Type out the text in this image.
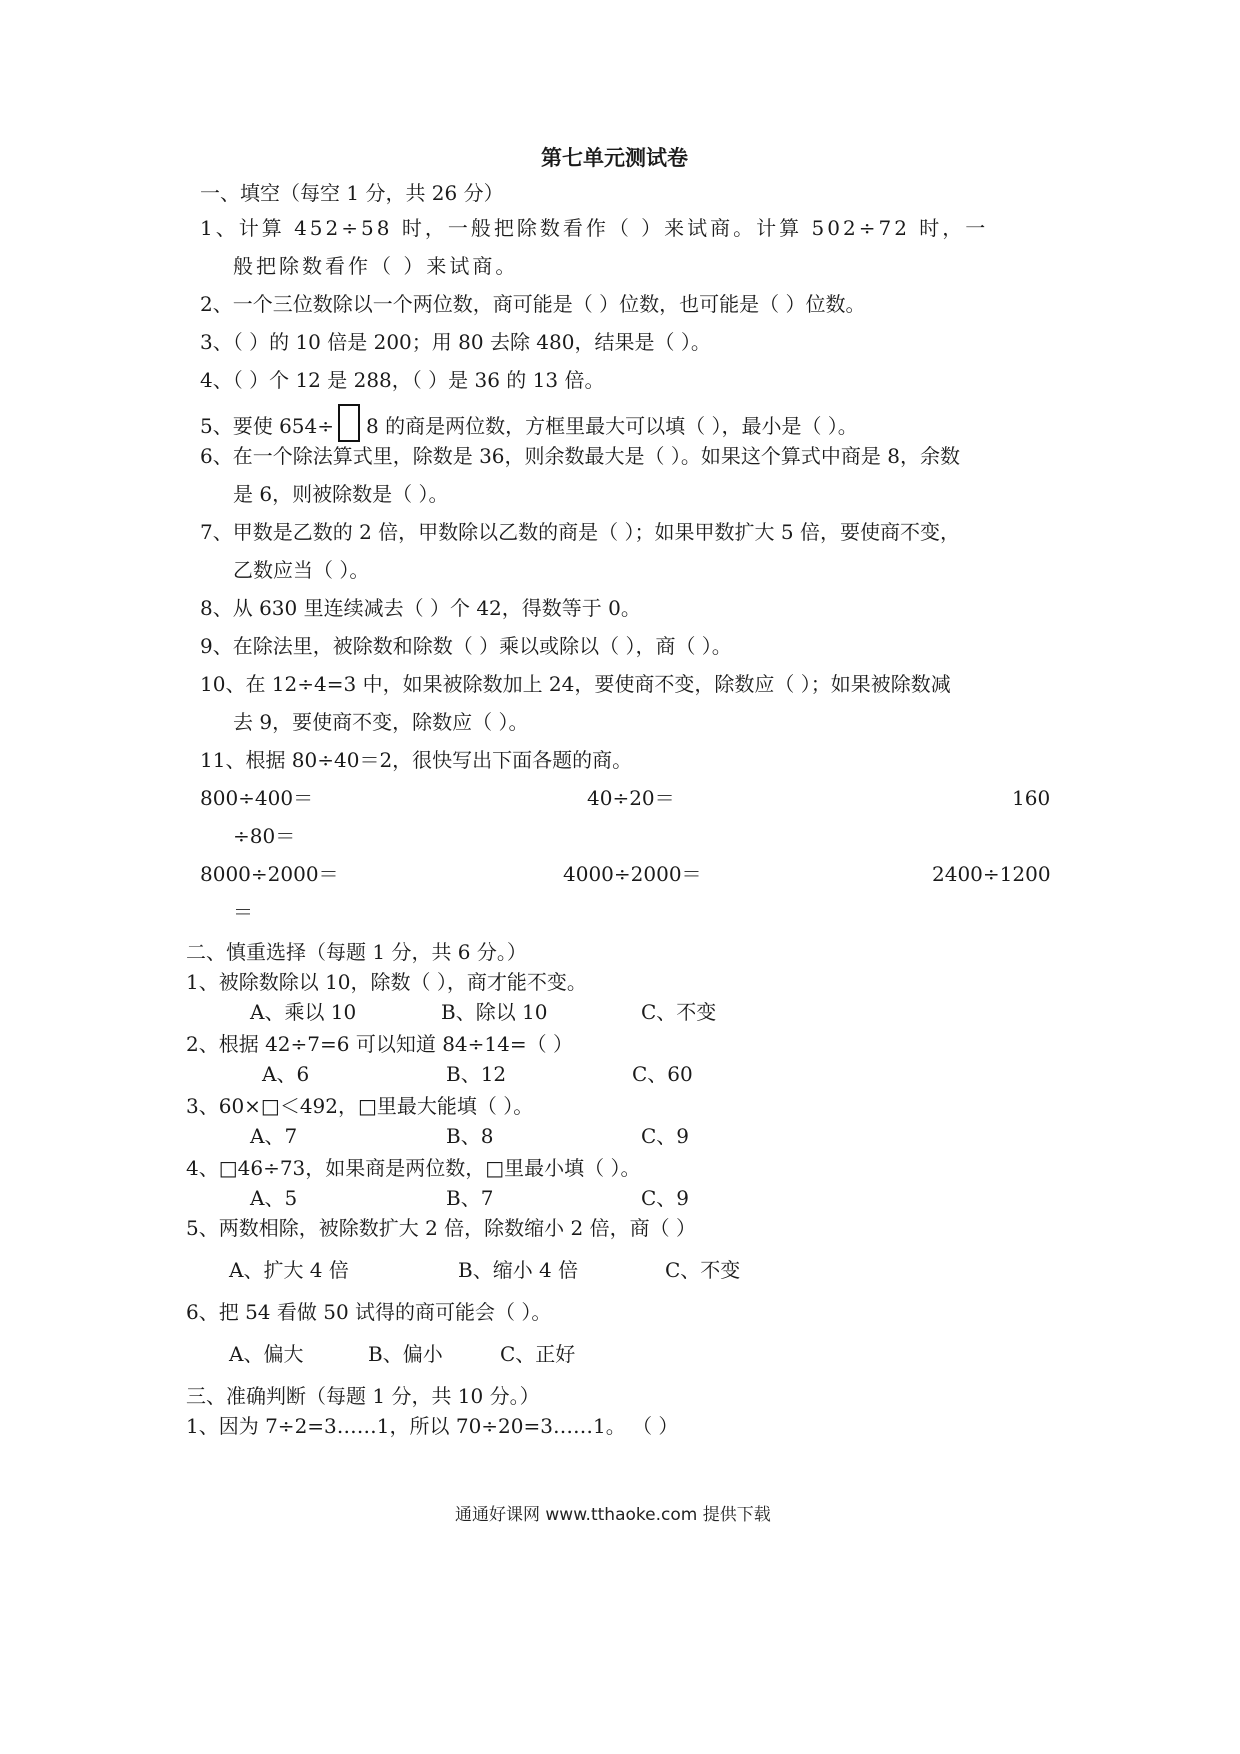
第七单元测试卷
一、填空（每空 1 分，共 26 分）
1、计算 452÷58 时，一般把除数看作（ ）来试商。计算 502÷72 时，一
般把除数看作（ ）来试商。
2、一个三位数除以一个两位数，商可能是（ ）位数，也可能是（ ）位数。
3、（ ）的 10 倍是 200；用 80 去除 480，结果是（ ）。
4、（ ）个 12 是 288，（ ）是 36 的 13 倍。
5、要使 654÷ 8 的商是两位数，方框里最大可以填（ ），最小是（ ）。
6、在一个除法算式里，除数是 36，则余数最大是（ ）。如果这个算式中商是 8，余数
是 6，则被除数是（ ）。
7、甲数是乙数的 2 倍，甲数除以乙数的商是（ ）；如果甲数扩大 5 倍，要使商不变，
乙数应当（ ）。
8、从 630 里连续减去（ ）个 42，得数等于 0。
9、在除法里，被除数和除数（ ）乘以或除以（ ），商（ ）。
10、在 12÷4=3 中，如果被除数加上 24，要使商不变，除数应（ ）；如果被除数减
去 9，要使商不变，除数应（ ）。
11、根据 80÷40＝2，很快写出下面各题的商。
800÷400＝	40÷20＝	160
÷80＝
8000÷2000＝	4000÷2000＝	2400÷1200
＝
二、慎重选择（每题 1 分，共 6 分。）
1、被除数除以 10，除数（ ），商才能不变。
A、乘以 10	B、除以 10	C、不变
2、根据 42÷7=6 可以知道 84÷14=（ ）
A、6	B、12	C、60
3、60×□＜492，□里最大能填（ ）。
A、7	B、8	C、9
4、□46÷73，如果商是两位数，□里最小填（ ）。
A、5	B、7	C、9
5、两数相除，被除数扩大 2 倍，除数缩小 2 倍，商（ ）
A、扩大 4 倍	B、缩小 4 倍	C、不变
6、把 54 看做 50 试得的商可能会（ ）。
A、偏大	B、偏小	C、正好
三、准确判断（每题 1 分，共 10 分。）
1、因为 7÷2=3……1，所以 70÷20=3……1。 （ ）
通通好课网 www.tthaoke.com 提供下载
